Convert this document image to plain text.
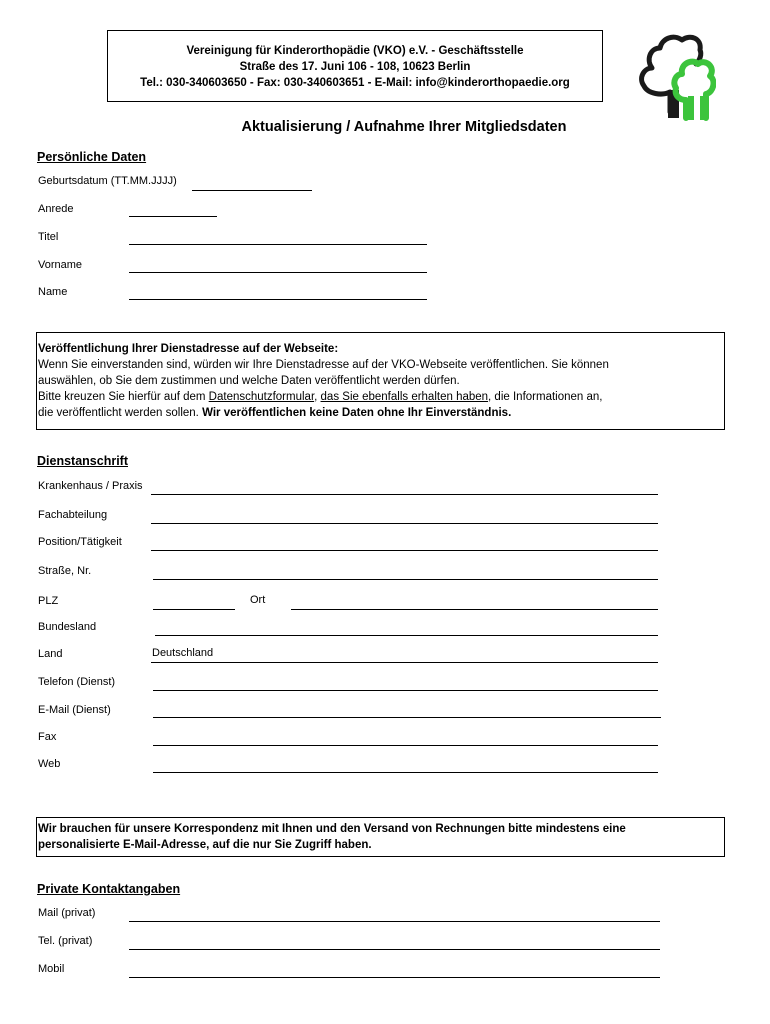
Vereinigung für Kinderorthopädie (VKO) e.V. - Geschäftsstelle
Straße des 17. Juni 106 - 108, 10623 Berlin
Tel.: 030-340603650 - Fax: 030-340603651 - E-Mail: info@kinderorthopaedie.org
Aktualisierung / Aufnahme Ihrer Mitgliedsdaten
Persönliche Daten
Geburtsdatum (TT.MM.JJJJ)
Anrede
Titel
Vorname
Name
Veröffentlichung Ihrer Dienstadresse auf der Webseite:
Wenn Sie einverstanden sind, würden wir Ihre Dienstadresse auf der VKO-Webseite veröffentlichen. Sie können
auswählen, ob Sie dem zustimmen und welche Daten veröffentlicht werden dürfen.
Bitte kreuzen Sie hierfür auf dem Datenschutzformular, das Sie ebenfalls erhalten haben, die Informationen an,
die veröffentlicht werden sollen. Wir veröffentlichen keine Daten ohne Ihr Einverständnis.
Dienstanschrift
Krankenhaus / Praxis
Fachabteilung
Position/Tätigkeit
Straße, Nr.
PLZ	Ort
Bundesland
Land	Deutschland
Telefon (Dienst)
E-Mail (Dienst)
Fax
Web
Wir brauchen für unsere Korrespondenz mit Ihnen und den Versand von Rechnungen bitte mindestens eine
personalisierte E-Mail-Adresse, auf die nur Sie Zugriff haben.
Private Kontaktangaben
Mail (privat)
Tel. (privat)
Mobil
